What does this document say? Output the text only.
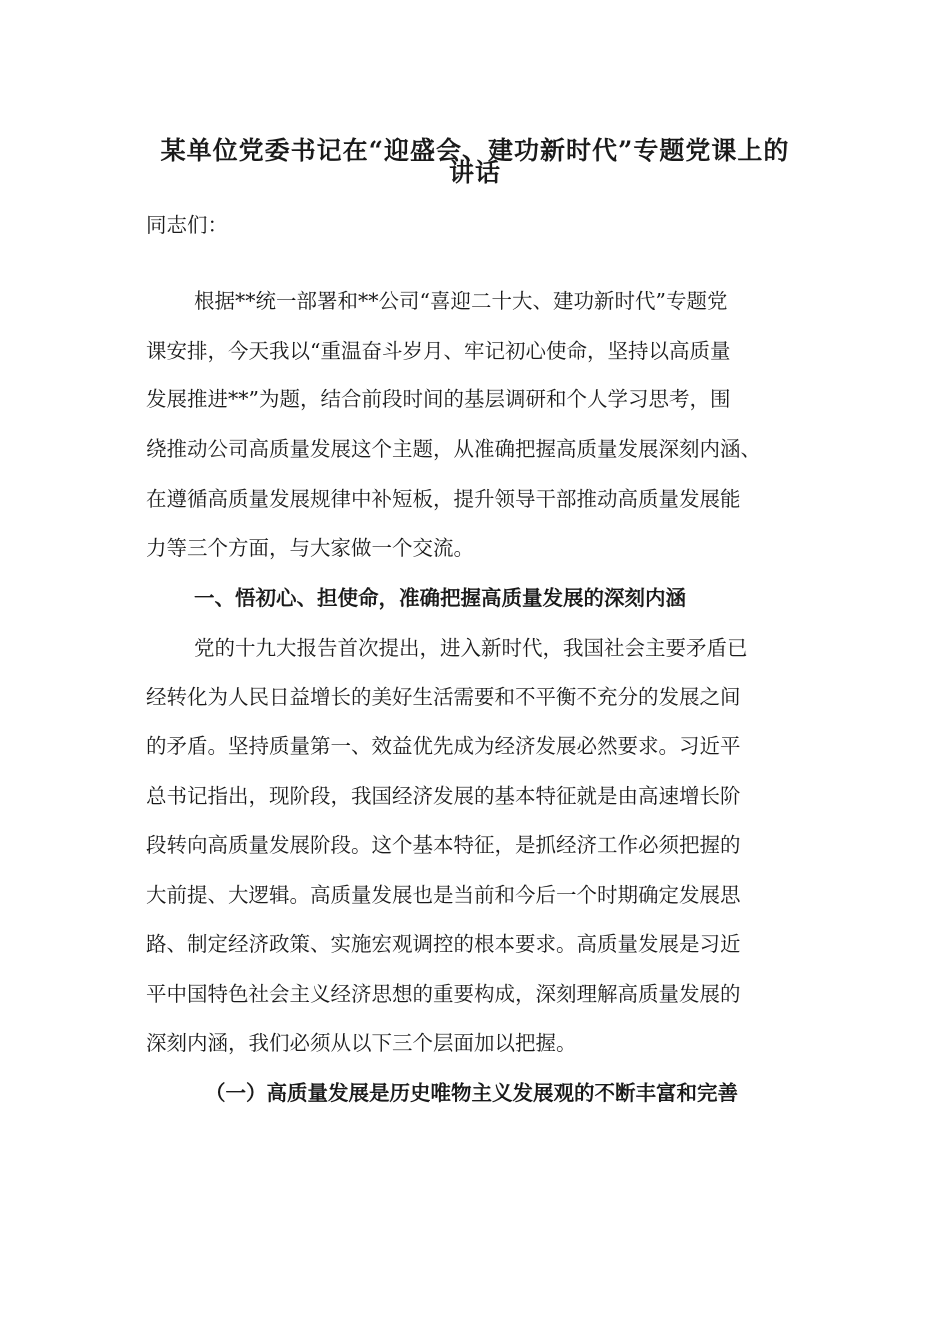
某单位党委书记在“迎盛会、建功新时代”专题党课上的
讲话

同志们：

根据**统一部署和**公司“喜迎二十大、建功新时代”专题党

课安排，今天我以“重温奋斗岁月、牢记初心使命，坚持以高质量

发展推进**”为题，结合前段时间的基层调研和个人学习思考，围

绕推动公司高质量发展这个主题，从准确把握高质量发展深刻内涵、

在遵循高质量发展规律中补短板，提升领导干部推动高质量发展能

力等三个方面，与大家做一个交流。

一、悟初心、担使命，准确把握高质量发展的深刻内涵

党的十九大报告首次提出，进入新时代，我国社会主要矛盾已

经转化为人民日益增长的美好生活需要和不平衡不充分的发展之间

的矛盾。坚持质量第一、效益优先成为经济发展必然要求。习近平

总书记指出，现阶段，我国经济发展的基本特征就是由高速增长阶

段转向高质量发展阶段。这个基本特征，是抓经济工作必须把握的

大前提、大逻辑。高质量发展也是当前和今后一个时期确定发展思

路、制定经济政策、实施宏观调控的根本要求。高质量发展是习近

平中国特色社会主义经济思想的重要构成，深刻理解高质量发展的

深刻内涵，我们必须从以下三个层面加以把握。

（一）高质量发展是历史唯物主义发展观的不断丰富和完善
